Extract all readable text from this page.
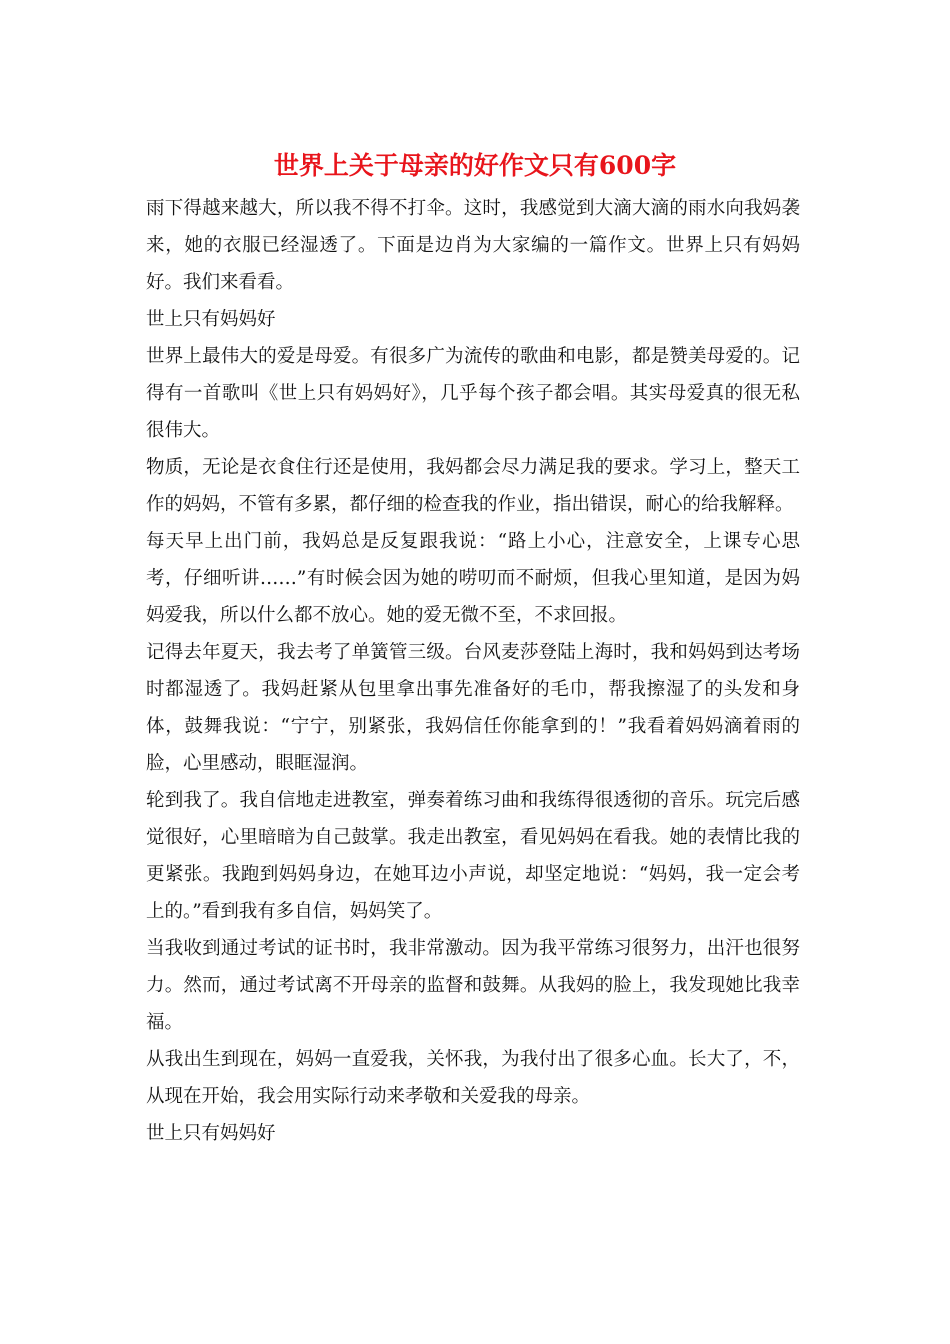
世界上关于母亲的好作文只有600字

雨下得越来越大，所以我不得不打伞。这时，我感觉到大滴大滴的雨水向我妈袭来，她的衣服已经湿透了。下面是边肖为大家编的一篇作文。世界上只有妈妈好。我们来看看。

世上只有妈妈好

世界上最伟大的爱是母爱。有很多广为流传的歌曲和电影，都是赞美母爱的。记得有一首歌叫《世上只有妈妈好》，几乎每个孩子都会唱。其实母爱真的很无私很伟大。

物质，无论是衣食住行还是使用，我妈都会尽力满足我的要求。学习上，整天工作的妈妈，不管有多累，都仔细的检查我的作业，指出错误，耐心的给我解释。

每天早上出门前，我妈总是反复跟我说：“路上小心，注意安全，上课专心思考，仔细听讲……”有时候会因为她的唠叨而不耐烦，但我心里知道，是因为妈妈爱我，所以什么都不放心。她的爱无微不至，不求回报。

记得去年夏天，我去考了单簧管三级。台风麦莎登陆上海时，我和妈妈到达考场时都湿透了。我妈赶紧从包里拿出事先准备好的毛巾，帮我擦湿了的头发和身体，鼓舞我说：“宁宁，别紧张，我妈信任你能拿到的！”我看着妈妈滴着雨的脸，心里感动，眼眶湿润。

轮到我了。我自信地走进教室，弹奏着练习曲和我练得很透彻的音乐。玩完后感觉很好，心里暗暗为自己鼓掌。我走出教室，看见妈妈在看我。她的表情比我的更紧张。我跑到妈妈身边，在她耳边小声说，却坚定地说：“妈妈，我一定会考上的。”看到我有多自信，妈妈笑了。

当我收到通过考试的证书时，我非常激动。因为我平常练习很努力，出汗也很努力。然而，通过考试离不开母亲的监督和鼓舞。从我妈的脸上，我发现她比我幸福。

从我出生到现在，妈妈一直爱我，关怀我，为我付出了很多心血。长大了，不，从现在开始，我会用实际行动来孝敬和关爱我的母亲。

世上只有妈妈好
